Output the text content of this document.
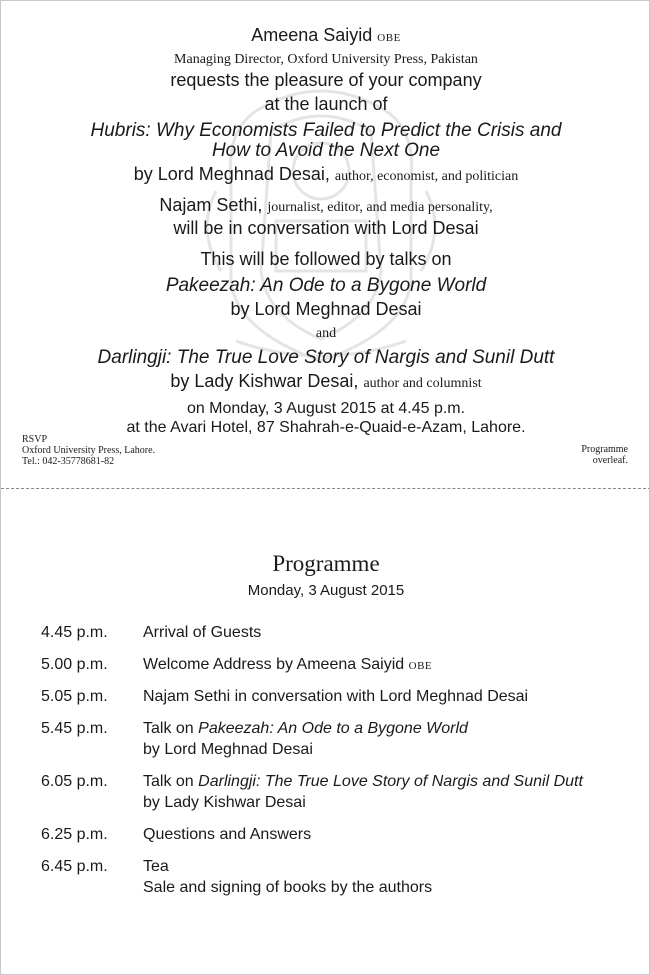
Ameena Saiyid OBE
Managing Director, Oxford University Press, Pakistan
requests the pleasure of your company
at the launch of
Hubris: Why Economists Failed to Predict the Crisis and
How to Avoid the Next One
by Lord Meghnad Desai, author, economist, and politician
Najam Sethi, journalist, editor, and media personality,
will be in conversation with Lord Desai
This will be followed by talks on
Pakeezah: An Ode to a Bygone World
by Lord Meghnad Desai
and
Darlingji: The True Love Story of Nargis and Sunil Dutt
by Lady Kishwar Desai, author and columnist
on Monday, 3 August 2015 at 4.45 p.m.
at the Avari Hotel, 87 Shahrah-e-Quaid-e-Azam, Lahore.
RSVP
Oxford University Press, Lahore.
Tel.: 042-35778681-82
Programme
overleaf.
Programme
Monday, 3 August 2015
4.45 p.m. Arrival of Guests
5.00 p.m. Welcome Address by Ameena Saiyid OBE
5.05 p.m. Najam Sethi in conversation with Lord Meghnad Desai
5.45 p.m. Talk on Pakeezah: An Ode to a Bygone World
by Lord Meghnad Desai
6.05 p.m. Talk on Darlingji: The True Love Story of Nargis and Sunil Dutt
by Lady Kishwar Desai
6.25 p.m. Questions and Answers
6.45 p.m. Tea
Sale and signing of books by the authors
